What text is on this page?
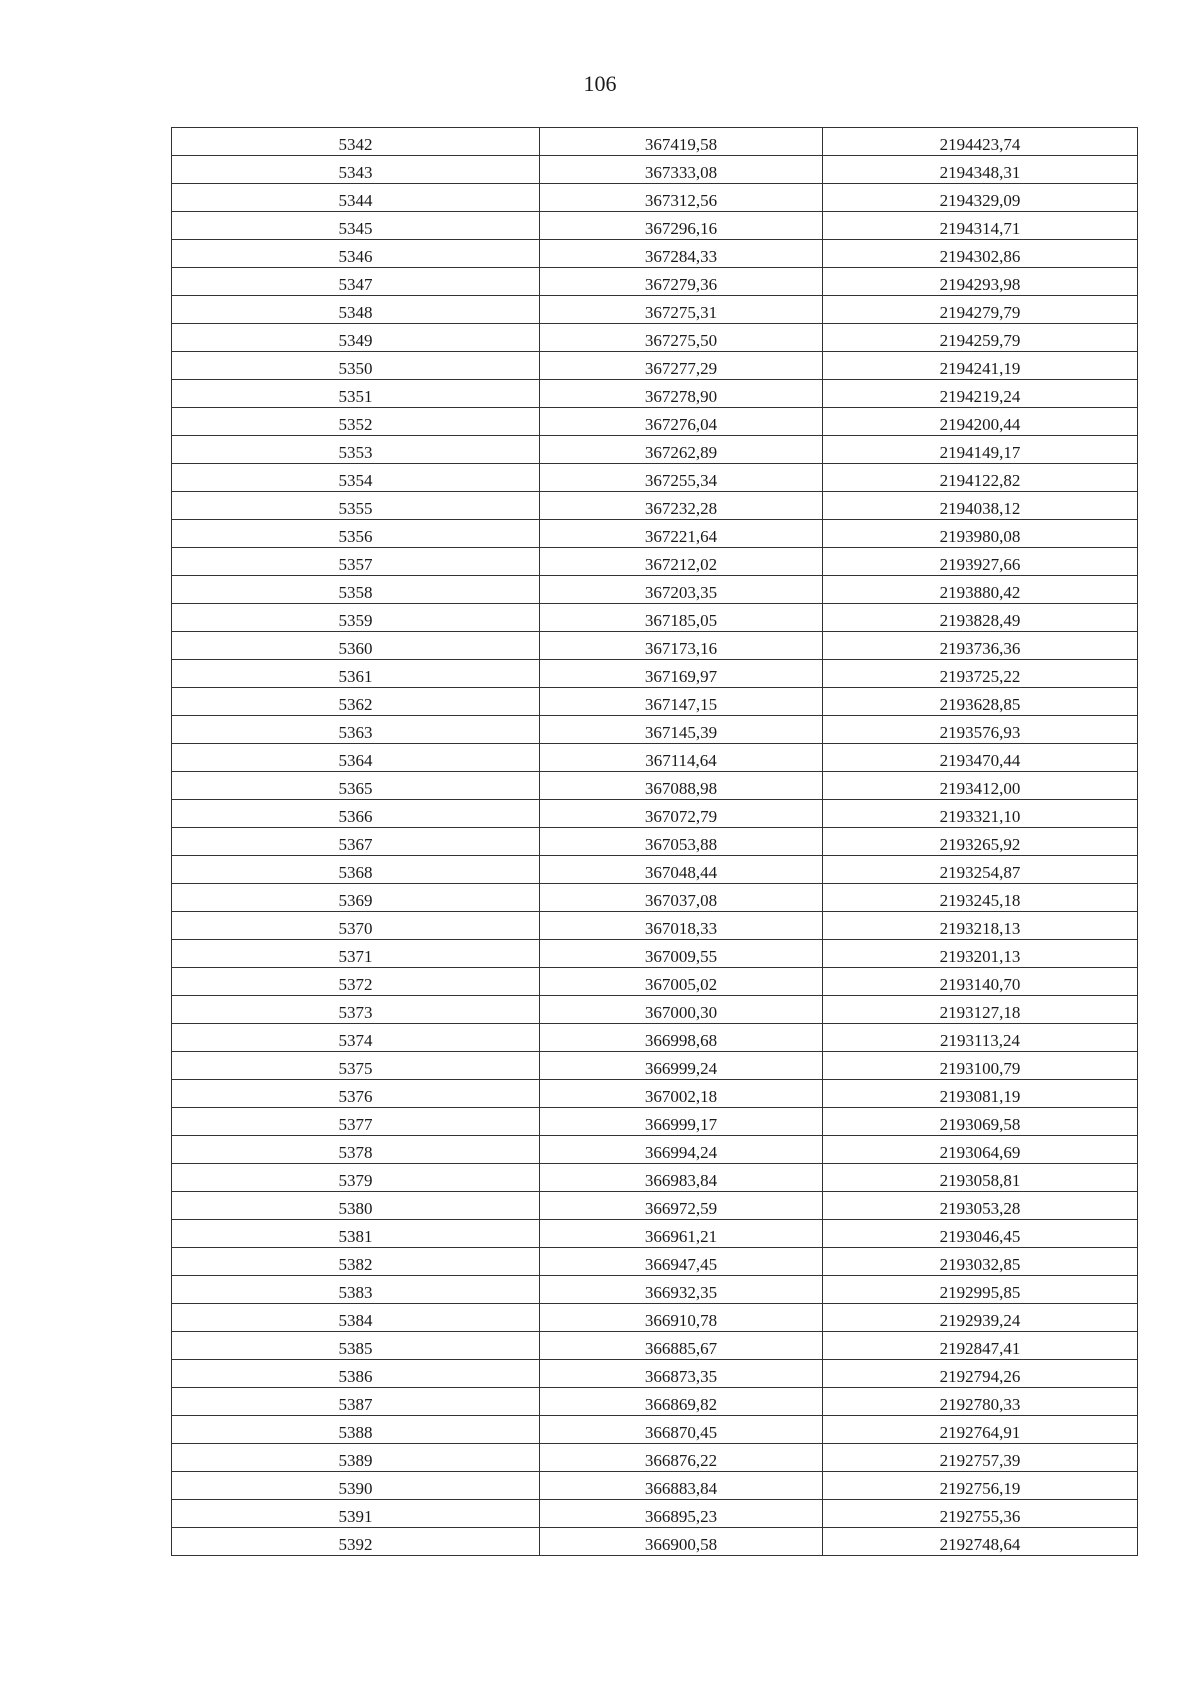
106
5342	367419,58	2194423,74
5343	367333,08	2194348,31
5344	367312,56	2194329,09
5345	367296,16	2194314,71
5346	367284,33	2194302,86
5347	367279,36	2194293,98
5348	367275,31	2194279,79
5349	367275,50	2194259,79
5350	367277,29	2194241,19
5351	367278,90	2194219,24
5352	367276,04	2194200,44
5353	367262,89	2194149,17
5354	367255,34	2194122,82
5355	367232,28	2194038,12
5356	367221,64	2193980,08
5357	367212,02	2193927,66
5358	367203,35	2193880,42
5359	367185,05	2193828,49
5360	367173,16	2193736,36
5361	367169,97	2193725,22
5362	367147,15	2193628,85
5363	367145,39	2193576,93
5364	367114,64	2193470,44
5365	367088,98	2193412,00
5366	367072,79	2193321,10
5367	367053,88	2193265,92
5368	367048,44	2193254,87
5369	367037,08	2193245,18
5370	367018,33	2193218,13
5371	367009,55	2193201,13
5372	367005,02	2193140,70
5373	367000,30	2193127,18
5374	366998,68	2193113,24
5375	366999,24	2193100,79
5376	367002,18	2193081,19
5377	366999,17	2193069,58
5378	366994,24	2193064,69
5379	366983,84	2193058,81
5380	366972,59	2193053,28
5381	366961,21	2193046,45
5382	366947,45	2193032,85
5383	366932,35	2192995,85
5384	366910,78	2192939,24
5385	366885,67	2192847,41
5386	366873,35	2192794,26
5387	366869,82	2192780,33
5388	366870,45	2192764,91
5389	366876,22	2192757,39
5390	366883,84	2192756,19
5391	366895,23	2192755,36
5392	366900,58	2192748,64
